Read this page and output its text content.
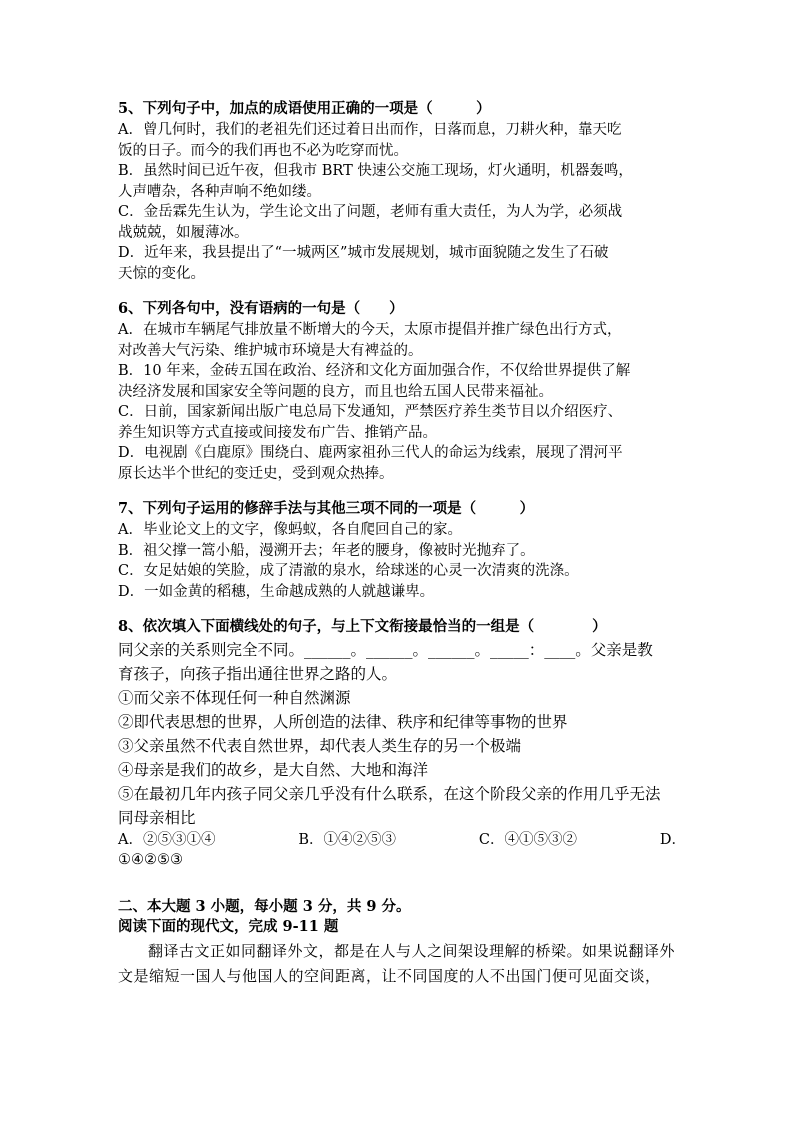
5、下列句子中，加点的成语使用正确的一项是（　　　）

A．曾几何时，我们的老祖先们还过着日出而作，日落而息，刀耕火种，靠天吃

饭的日子。而今的我们再也不必为吃穿而忧。

B．虽然时间已近午夜，但我市 BRT 快速公交施工现场，灯火通明，机器轰鸣，

人声嘈杂，各种声响不绝如缕。

C．金岳霖先生认为，学生论文出了问题，老师有重大责任，为人为学，必须战

战兢兢，如履薄冰。

D．近年来，我县提出了“一城两区”城市发展规划，城市面貌随之发生了石破

天惊的变化。

6、下列各句中，没有语病的一句是（　　）

A．在城市车辆尾气排放量不断增大的今天，太原市提倡并推广绿色出行方式，

对改善大气污染、维护城市环境是大有裨益的。

B．10 年来，金砖五国在政治、经济和文化方面加强合作，不仅给世界提供了解

决经济发展和国家安全等问题的良方，而且也给五国人民带来福祉。

C．日前，国家新闻出版广电总局下发通知，严禁医疗养生类节目以介绍医疗、

养生知识等方式直接或间接发布广告、推销产品。

D．电视剧《白鹿原》围绕白、鹿两家祖孙三代人的命运为线索，展现了渭河平

原长达半个世纪的变迁史，受到观众热捧。

7、下列句子运用的修辞手法与其他三项不同的一项是（　　　）

A．毕业论文上的文字，像蚂蚁，各自爬回自己的家。

B．祖父撑一篙小船，漫溯开去；年老的腰身，像被时光抛弃了。

C．女足姑娘的笑脸，成了清澈的泉水，给球迷的心灵一次清爽的洗涤。

D．一如金黄的稻穗，生命越成熟的人就越谦卑。

8、依次填入下面横线处的句子，与上下文衔接最恰当的一组是（　　　　）

同父亲的关系则完全不同。______。______。______。_____：____。父亲是教

育孩子，向孩子指出通往世界之路的人。

①而父亲不体现任何一种自然渊源

②即代表思想的世界，人所创造的法律、秩序和纪律等事物的世界

③父亲虽然不代表自然世界，却代表人类生存的另一个极端

④母亲是我们的故乡，是大自然、大地和海洋

⑤在最初几年内孩子同父亲几乎没有什么联系，在这个阶段父亲的作用几乎无法

同母亲相比

A．②⑤③①④	B．①④②⑤③	C．④①⑤③②	D．

①④②⑤③

二、本大题 3 小题，每小题 3 分，共 9 分。

阅读下面的现代文，完成 9-11 题

翻译古文正如同翻译外文，都是在人与人之间架设理解的桥梁。如果说翻译外文是缩短一国人与他国人的空间距离，让不同国度的人不出国门便可见面交谈，
